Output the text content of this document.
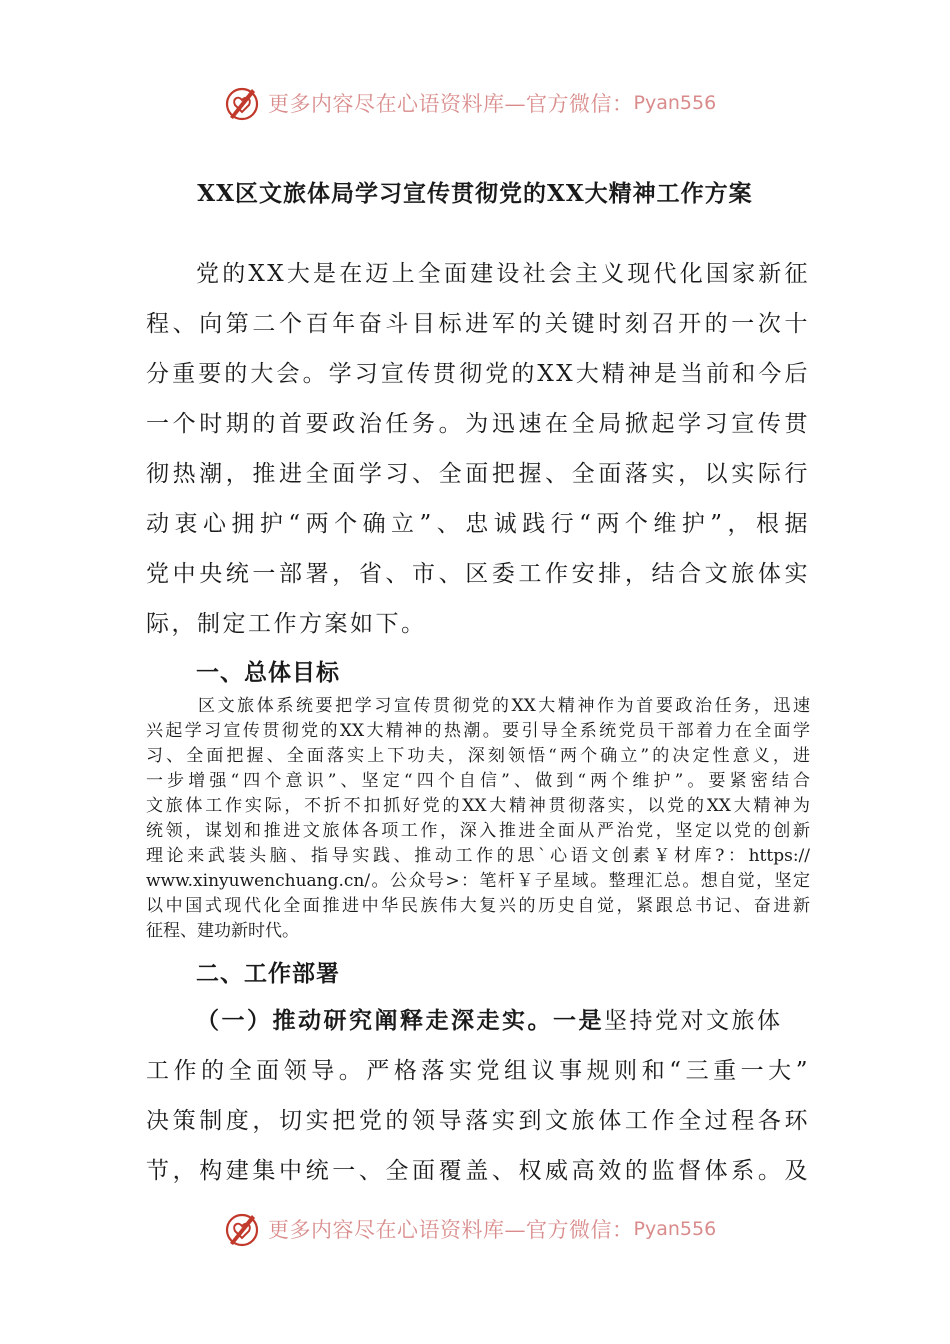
更多内容尽在心语资料库—官方微信： Pyan556
XX区文旅体局学习宣传贯彻党的XX大精神工作方案
党的XX大是在迈上全面建设社会主义现代化国家新征
程、向第二个百年奋斗目标进军的关键时刻召开的一次十
分重要的大会。学习宣传贯彻党的XX大精神是当前和今后
一个时期的首要政治任务。为迅速在全局掀起学习宣传贯
彻热潮，推进全面学习、全面把握、全面落实，以实际行
动衷心拥护“两个确立”、忠诚践行“两个维护”，根据
党中央统一部署，省、市、区委工作安排，结合文旅体实
际，制定工作方案如下。
一、总体目标
区文旅体系统要把学习宣传贯彻党的XX大精神作为首要政治任务，迅速
兴起学习宣传贯彻党的XX大精神的热潮。要引导全系统党员干部着力在全面学
习、全面把握、全面落实上下功夫，深刻领悟“两个确立”的决定性意义，进
一步增强“四个意识”、坚定“四个自信”、做到“两个维护”。要紧密结合
文旅体工作实际，不折不扣抓好党的XX大精神贯彻落实，以党的XX大精神为
统领，谋划和推进文旅体各项工作，深入推进全面从严治党，坚定以党的创新
理论来武装头脑、指导实践、推动工作的思`心语文创素￥材库?：https://
www.xinyuwenchuang.cn/。公众号>：笔杆￥子星域。整理汇总。想自觉，坚定
以中国式现代化全面推进中华民族伟大复兴的历史自觉，紧跟总书记、奋进新
征程、建功新时代。
二、工作部署
（一）推动研究阐释走深走实。一是坚持党对文旅体
工作的全面领导。严格落实党组议事规则和“三重一大”
决策制度，切实把党的领导落实到文旅体工作全过程各环
节，构建集中统一、全面覆盖、权威高效的监督体系。及
更多内容尽在心语资料库—官方微信： Pyan556
